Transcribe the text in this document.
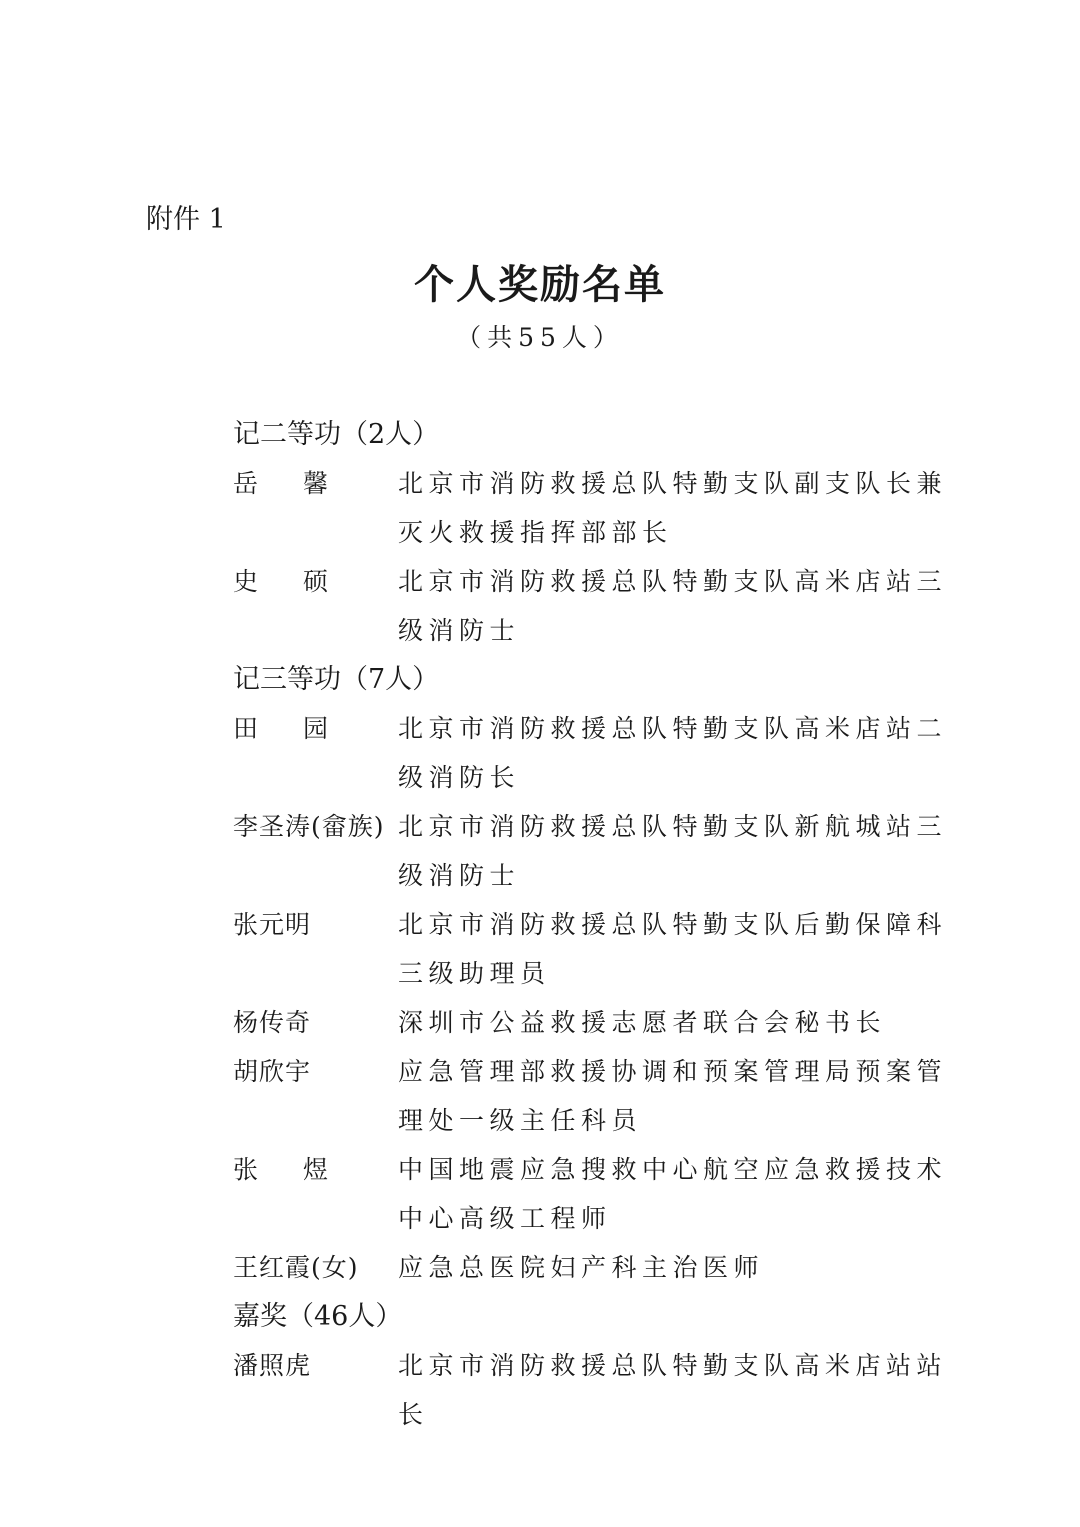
附件 1
个人奖励名单
（共55人）
记二等功（2人）
岳馨 北京市消防救援总队特勤支队副支队长兼灭火救援指挥部部长
史硕 北京市消防救援总队特勤支队高米店站三级消防士
记三等功（7人）
田园 北京市消防救援总队特勤支队高米店站二级消防长
李圣涛(畲族) 北京市消防救援总队特勤支队新航城站三级消防士
张元明	北京市消防救援总队特勤支队后勤保障科三级助理员
杨传奇	深圳市公益救援志愿者联合会秘书长
胡欣宇	应急管理部救援协调和预案管理局预案管理处一级主任科员
张煜 中国地震应急搜救中心航空应急救援技术中心高级工程师
王红霞(女)	应急总医院妇产科主治医师
嘉奖（46人）
潘照虎	北京市消防救援总队特勤支队高米店站站长
